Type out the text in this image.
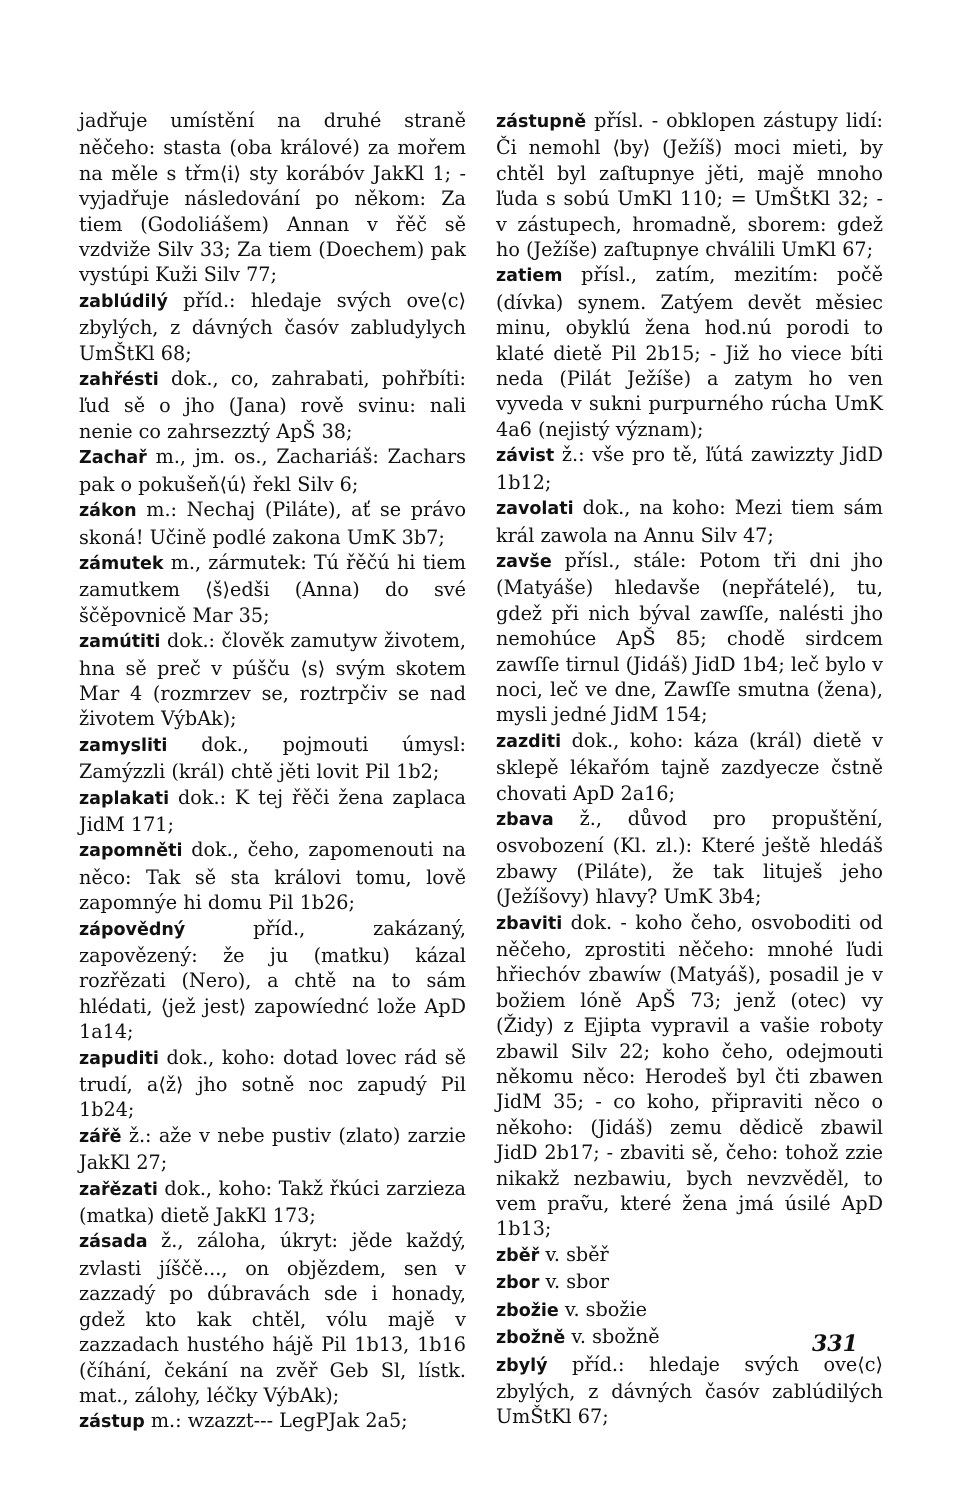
jadřuje umístění na druhé straně něčeho: stasta (oba králové) za mořem na měle s třm⟨i⟩ sty korábóv JakKl 1; - vyjadřuje následování po někom: Za tiem (Godoliášem) Annan v řěč sě vzdviže Silv 33; Za tiem (Doechem) pak vystúpi Kuži Silv 77;

zablúdilý příd.: hledaje svých ove⟨c⟩ zbylých, z dávných časóv zabludylych UmŠtKl 68;

zahřésti dok., co, zahrabati, pohřbíti: ľud sě o jho (Jana) rově svinu: nali nenie co zahrsezztý ApŠ 38;

Zachař m., jm. os., Zachariáš: Zachars pak o pokušeň⟨ú⟩ řekl Silv 6;

zákon m.: Nechaj (Piláte), ať se právo skoná! Učině podlé zakona UmK 3b7;

zámutek m., zármutek: Tú řěčú hi tiem zamutkem ⟨š⟩edši (Anna) do své ščěpovnicě Mar 35;

zamútiti dok.: člověk zamutyw životem, hna sě preč v púšču ⟨s⟩ svým skotem Mar 4 (rozmrzev se, roztrpčiv se nad životem VýbAk);

zamysliti dok., pojmouti úmysl: Zamýzzli (král) chtě jěti lovit Pil 1b2;

zaplakati dok.: K tej řěči žena zaplaca JidM 171;

zapomněti dok., čeho, zapomenouti na něco: Tak sě sta královi tomu, lově zapomnýe hi domu Pil 1b26;

zápovědný příd., zakázaný, zapovězený: že ju (matku) kázal rozřězati (Nero), a chtě na to sám hlédati, ⟨jež jest⟩ zapowíednć lože ApD 1a14;

zapuditi dok., koho: dotad lovec rád sě trudí, a⟨ž⟩ jho sotně noc zapudý Pil 1b24;

zářě ž.: aže v nebe pustiv (zlato) zarzie JakKl 27;

zařězati dok., koho: Takž řkúci zarzieza (matka) dietě JakKl 173;

zásada ž., záloha, úkryt: jěde každý, zvlasti jíščě..., on objězdem, sen v zazzadý po dúbravách sde i honady, gdež kto kak chtěl, vólu majě v zazzadach hustého hájě Pil 1b13, 1b16 (číhání, čekání na zvěř Geb Sl, lístk. mat., zálohy, léčky VýbAk);

zástup m.: wzazzt--- LegPJak 2a5;

zástupně přísl. - obklopen zástupy lidí: Či nemohl ⟨by⟩ (Ježíš) moci mieti, by chtěl byl zaſtupnye jěti, majě mnoho ľuda s sobú UmKl 110; = UmŠtKl 32; - v zástupech, hromadně, sborem: gdež ho (Ježíše) zaſtupnye chválili UmKl 67;

zatiem přísl., zatím, mezitím: počě (dívka) synem. Zatýem devět měsiec minu, obyklú žena hod.nú porodi to klaté dietě Pil 2b15; - Již ho viece bíti neda (Pilát Ježíše) a zatym ho ven vyveda v sukni purpurného rúcha UmK 4a6 (nejistý význam);

závist ž.: vše pro tě, ľútá zawizzty JidD 1b12;

zavolati dok., na koho: Mezi tiem sám král zawola na Annu Silv 47;

zavše přísl., stále: Potom tři dni jho (Matyáše) hledavše (nepřátelé), tu, gdež při nich býval zawſſe, nalésti jho nemohúce ApŠ 85; chodě sirdcem zawſſe tirnul (Jidáš) JidD 1b4; leč bylo v noci, leč ve dne, Zawſſe smutna (žena), mysli jedné JidM 154;

zazditi dok., koho: káza (král) dietě v sklepě lékařóm tajně zazdyecze čstně chovati ApD 2a16;

zbava ž., důvod pro propuštění, osvobození (Kl. zl.): Které ještě hledáš zbawy (Piláte), že tak lituješ jeho (Ježíšovy) hlavy? UmK 3b4;

zbaviti dok. - koho čeho, osvoboditi od něčeho, zprostiti něčeho: mnohé ľudi hřiechóv zbawíw (Matyáš), posadil je v božiem lóně ApŠ 73; jenž (otec) vy (Židy) z Ejipta vypravil a vašie roboty zbawil Silv 22; koho čeho, odejmouti někomu něco: Herodeš byl čti zbawen JidM 35; - co koho, připraviti něco o někoho: (Jidáš) zemu dědicě zbawil JidD 2b17; - zbaviti sě, čeho: tohož zzie nikakž nezbawiu, bych nevzvěděl, to vem praṽu, které žena jmá úsilé ApD 1b13;

zběř v. sběř

zbor v. sbor

zbožie v. sbožie

zbožně v. sbožně

zbylý příd.: hledaje svých ove⟨c⟩ zbylých, z dávných časóv zablúdilých UmŠtKl 67;

331
